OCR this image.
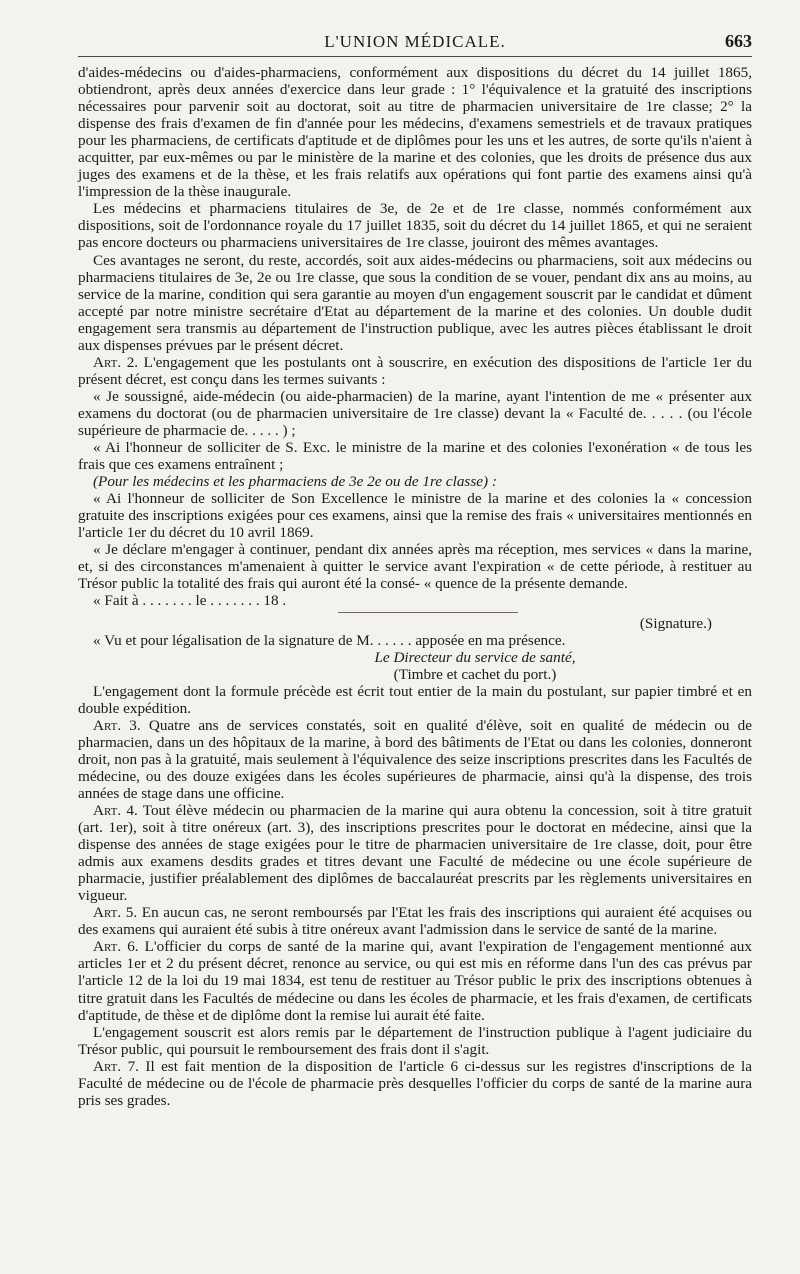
L'UNION MÉDICALE.	663

d'aides-médecins ou d'aides-pharmaciens, conformément aux dispositions du décret du 14 juillet 1865, obtiendront, après deux années d'exercice dans leur grade : 1° l'équivalence et la gratuité des inscriptions nécessaires pour parvenir soit au doctorat, soit au titre de pharmacien universitaire de 1re classe; 2° la dispense des frais d'examen de fin d'année pour les médecins, d'examens semestriels et de travaux pratiques pour les pharmaciens, de certificats d'aptitude et de diplômes pour les uns et les autres, de sorte qu'ils n'aient à acquitter, par eux-mêmes ou par le ministère de la marine et des colonies, que les droits de présence dus aux juges des examens et de la thèse, et les frais relatifs aux opérations qui font partie des examens ainsi qu'à l'impression de la thèse inaugurale.

Les médecins et pharmaciens titulaires de 3e, de 2e et de 1re classe, nommés conformément aux dispositions, soit de l'ordonnance royale du 17 juillet 1835, soit du décret du 14 juillet 1865, et qui ne seraient pas encore docteurs ou pharmaciens universitaires de 1re classe, jouiront des mêmes avantages.

Ces avantages ne seront, du reste, accordés, soit aux aides-médecins ou pharmaciens, soit aux médecins ou pharmaciens titulaires de 3e, 2e ou 1re classe, que sous la condition de se vouer, pendant dix ans au moins, au service de la marine, condition qui sera garantie au moyen d'un engagement souscrit par le candidat et dûment accepté par notre ministre secrétaire d'Etat au département de la marine et des colonies. Un double dudit engagement sera transmis au département de l'instruction publique, avec les autres pièces établissant le droit aux dispenses prévues par le présent décret.

Art. 2. L'engagement que les postulants ont à souscrire, en exécution des dispositions de l'article 1er du présent décret, est conçu dans les termes suivants :

« Je soussigné, aide-médecin (ou aide-pharmacien) de la marine, ayant l'intention de me « présenter aux examens du doctorat (ou de pharmacien universitaire de 1re classe) devant la « Faculté de. . . . . (ou l'école supérieure de pharmacie de. . . . . ) ;

« Ai l'honneur de solliciter de S. Exc. le ministre de la marine et des colonies l'exonération « de tous les frais que ces examens entraînent ;

(Pour les médecins et les pharmaciens de 3e 2e ou de 1re classe) :

« Ai l'honneur de solliciter de Son Excellence le ministre de la marine et des colonies la « concession gratuite des inscriptions exigées pour ces examens, ainsi que la remise des frais « universitaires mentionnés en l'article 1er du décret du 10 avril 1869.

« Je déclare m'engager à continuer, pendant dix années après ma réception, mes services « dans la marine, et, si des circonstances m'amenaient à quitter le service avant l'expiration « de cette période, à restituer au Trésor public la totalité des frais qui auront été la consé- « quence de la présente demande.

« Fait à . . . . . . . le . . . . . . . 18 .

(Signature.)

« Vu et pour légalisation de la signature de M. . . . . . apposée en ma présence.

Le Directeur du service de santé,

(Timbre et cachet du port.)

L'engagement dont la formule précède est écrit tout entier de la main du postulant, sur papier timbré et en double expédition.

Art. 3. Quatre ans de services constatés, soit en qualité d'élève, soit en qualité de médecin ou de pharmacien, dans un des hôpitaux de la marine, à bord des bâtiments de l'Etat ou dans les colonies, donneront droit, non pas à la gratuité, mais seulement à l'équivalence des seize inscriptions prescrites dans les Facultés de médecine, ou des douze exigées dans les écoles supérieures de pharmacie, ainsi qu'à la dispense, des trois années de stage dans une officine.

Art. 4. Tout élève médecin ou pharmacien de la marine qui aura obtenu la concession, soit à titre gratuit (art. 1er), soit à titre onéreux (art. 3), des inscriptions prescrites pour le doctorat en médecine, ainsi que la dispense des années de stage exigées pour le titre de pharmacien universitaire de 1re classe, doit, pour être admis aux examens desdits grades et titres devant une Faculté de médecine ou une école supérieure de pharmacie, justifier préalablement des diplômes de baccalauréat prescrits par les règlements universitaires en vigueur.

Art. 5. En aucun cas, ne seront remboursés par l'Etat les frais des inscriptions qui auraient été acquises ou des examens qui auraient été subis à titre onéreux avant l'admission dans le service de santé de la marine.

Art. 6. L'officier du corps de santé de la marine qui, avant l'expiration de l'engagement mentionné aux articles 1er et 2 du présent décret, renonce au service, ou qui est mis en réforme dans l'un des cas prévus par l'article 12 de la loi du 19 mai 1834, est tenu de restituer au Trésor public le prix des inscriptions obtenues à titre gratuit dans les Facultés de médecine ou dans les écoles de pharmacie, et les frais d'examen, de certificats d'aptitude, de thèse et de diplôme dont la remise lui aurait été faite.

L'engagement souscrit est alors remis par le département de l'instruction publique à l'agent judiciaire du Trésor public, qui poursuit le remboursement des frais dont il s'agit.

Art. 7. Il est fait mention de la disposition de l'article 6 ci-dessus sur les registres d'inscriptions de la Faculté de médecine ou de l'école de pharmacie près desquelles l'officier du corps de santé de la marine aura pris ses grades.
